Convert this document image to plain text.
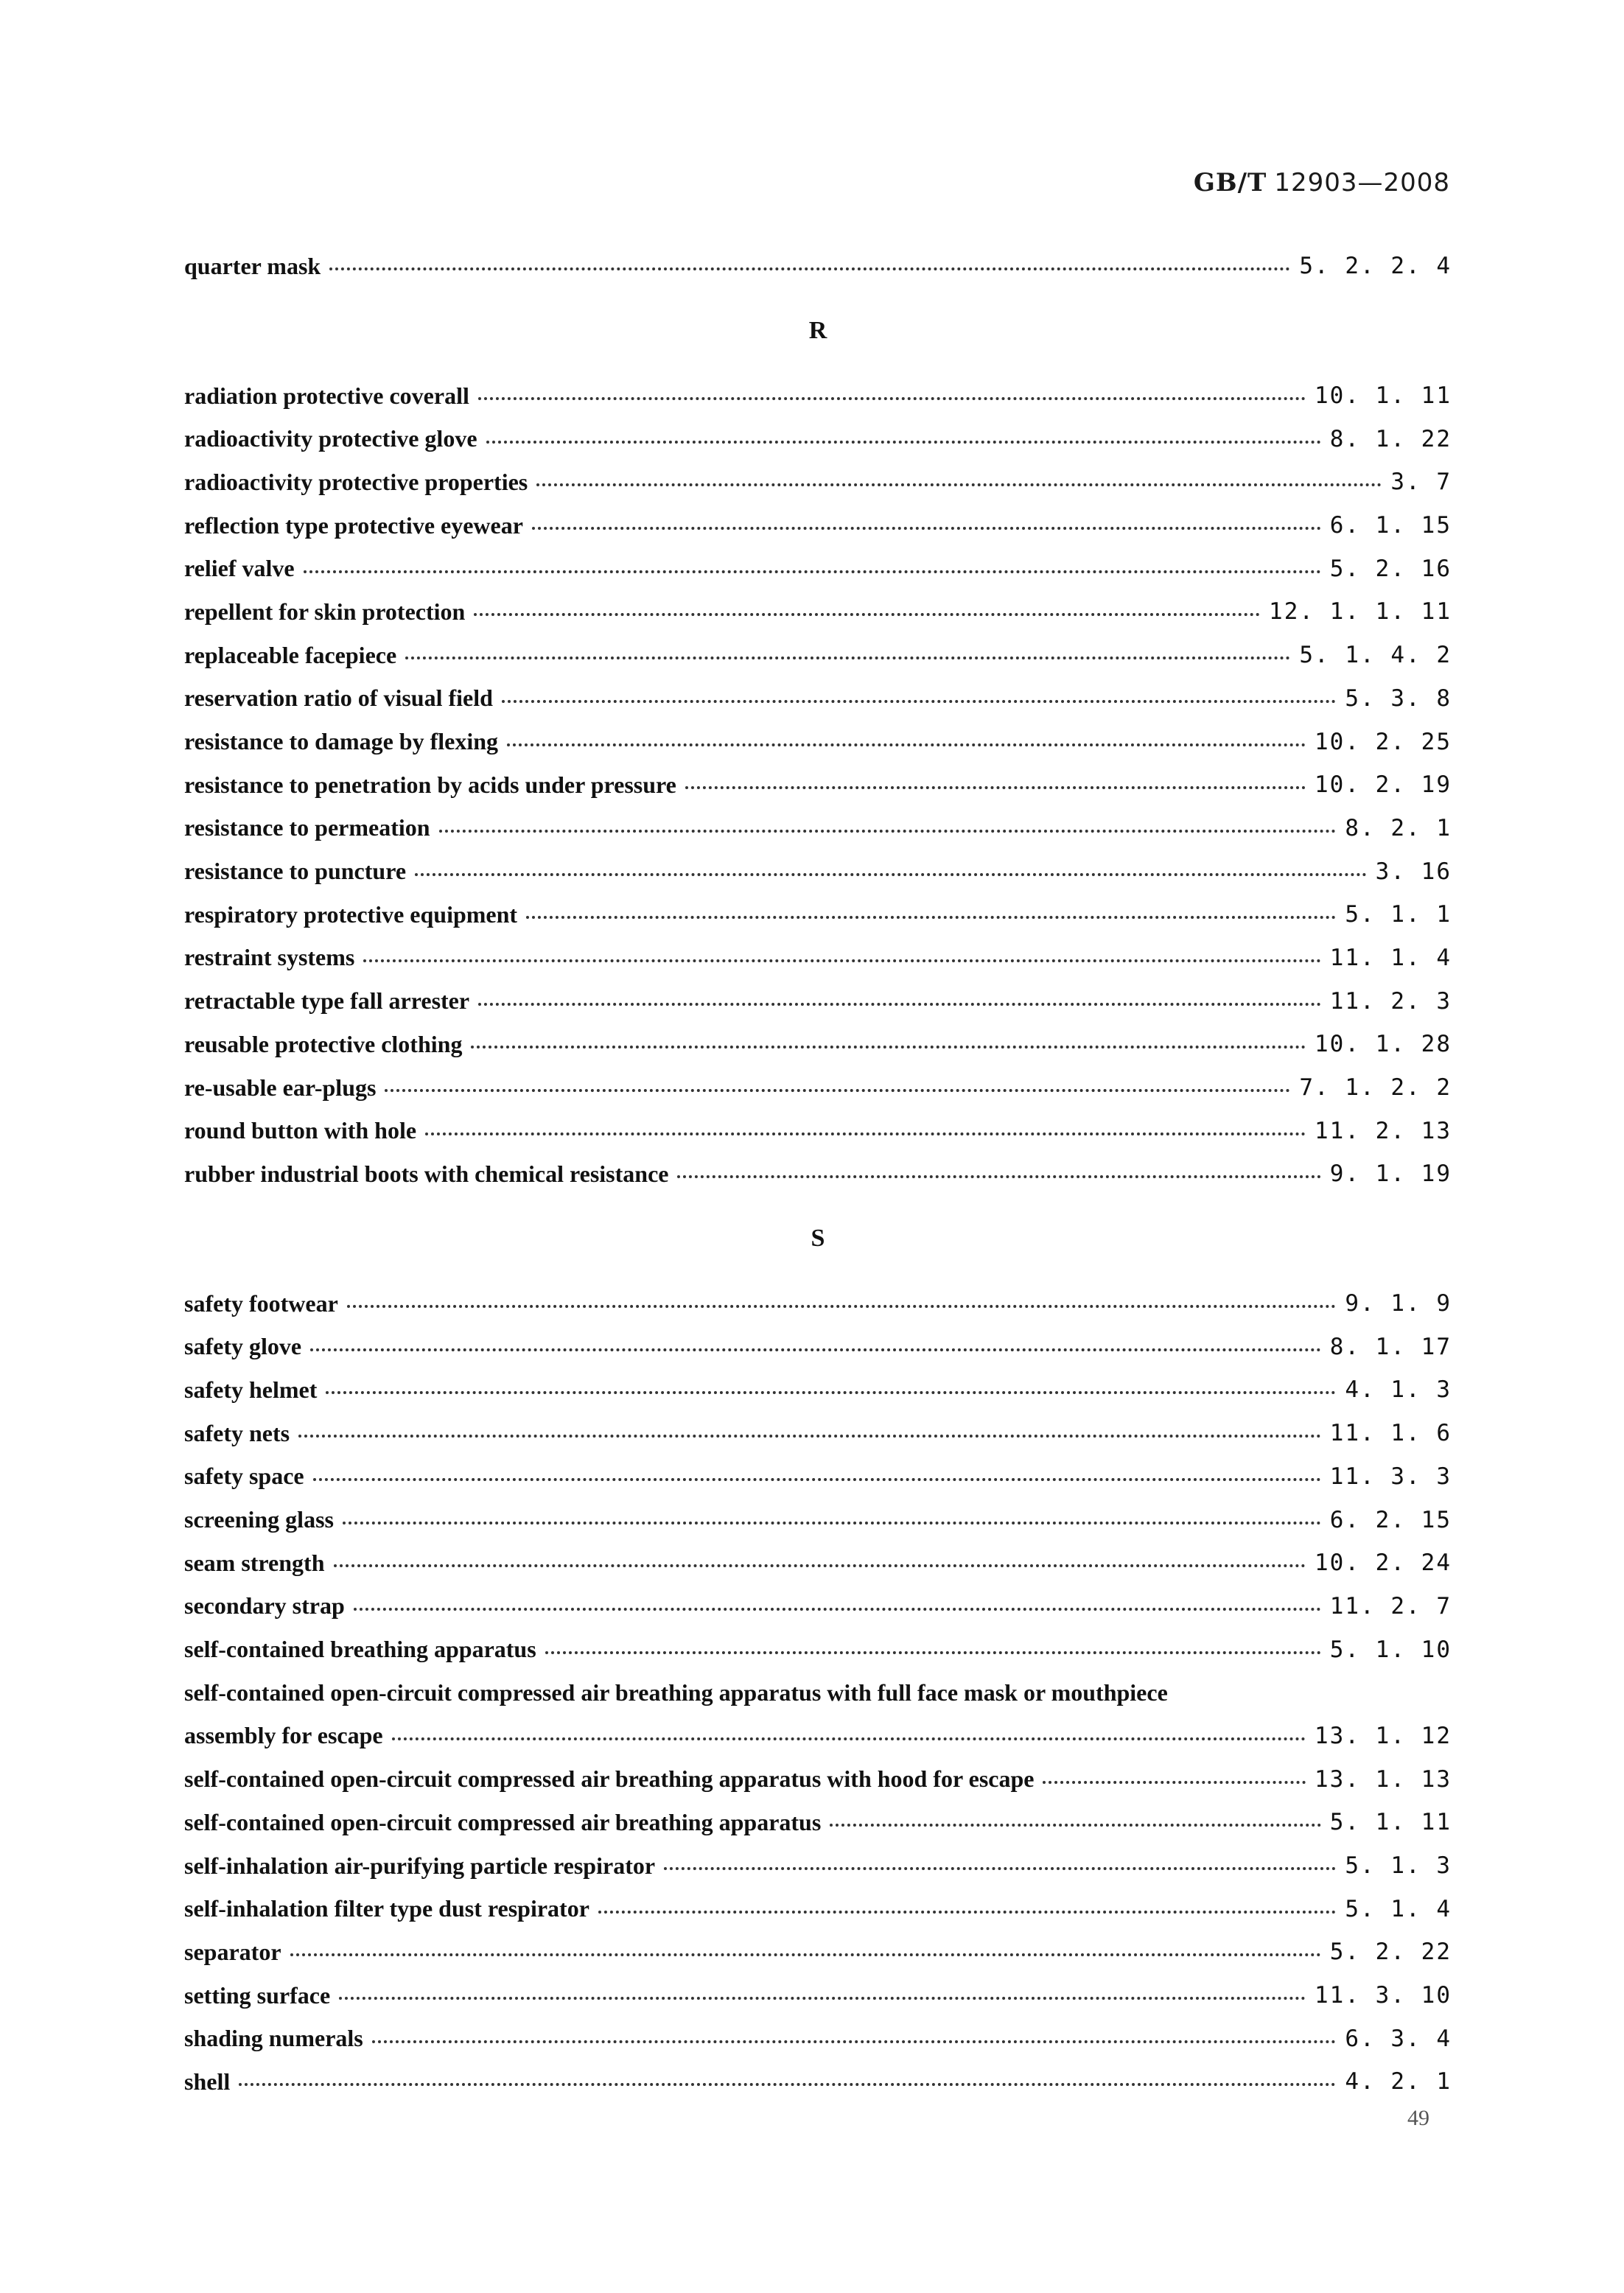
GB/T 12903—2008
quarter mask	5. 2. 2. 4
R
radiation protective coverall	10. 1. 11
radioactivity protective glove	8. 1. 22
radioactivity protective properties	3. 7
reflection type protective eyewear	6. 1. 15
relief valve	5. 2. 16
repellent for skin protection	12. 1. 1. 11
replaceable facepiece	5. 1. 4. 2
reservation ratio of visual field	5. 3. 8
resistance to damage by flexing	10. 2. 25
resistance to penetration by acids under pressure	10. 2. 19
resistance to permeation	8. 2. 1
resistance to puncture	3. 16
respiratory protective equipment	5. 1. 1
restraint systems	11. 1. 4
retractable type fall arrester	11. 2. 3
reusable protective clothing	10. 1. 28
re-usable ear-plugs	7. 1. 2. 2
round button with hole	11. 2. 13
rubber industrial boots with chemical resistance	9. 1. 19
S
safety footwear	9. 1. 9
safety glove	8. 1. 17
safety helmet	4. 1. 3
safety nets	11. 1. 6
safety space	11. 3. 3
screening glass	6. 2. 15
seam strength	10. 2. 24
secondary strap	11. 2. 7
self-contained breathing apparatus	5. 1. 10
self-contained open-circuit compressed air breathing apparatus with full face mask or mouthpiece
assembly for escape	13. 1. 12
self-contained open-circuit compressed air breathing apparatus with hood for escape	13. 1. 13
self-contained open-circuit compressed air breathing apparatus	5. 1. 11
self-inhalation air-purifying particle respirator	5. 1. 3
self-inhalation filter type dust respirator	5. 1. 4
separator	5. 2. 22
setting surface	11. 3. 10
shading numerals	6. 3. 4
shell	4. 2. 1
49
